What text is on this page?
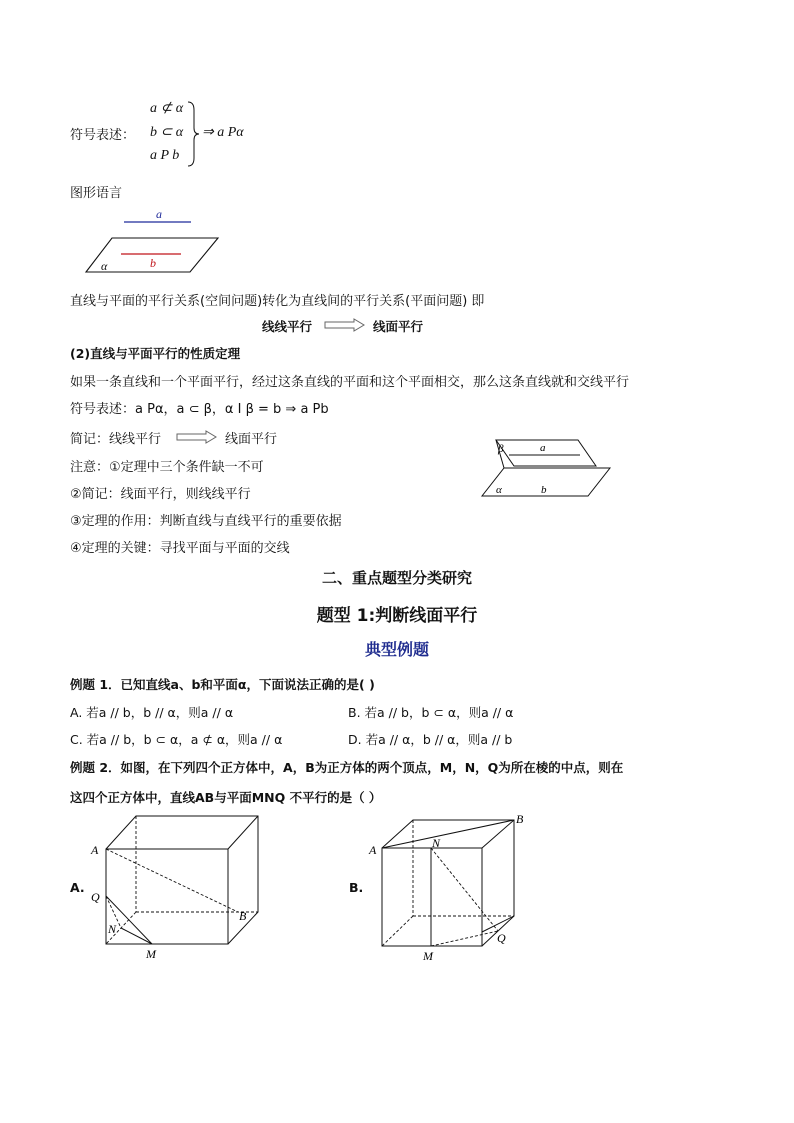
符号表述：
a ⊄ α
b ⊂ α
a P b
⇒ a Pα
图形语言
a
b
α
直线与平面的平行关系(空间问题)转化为直线间的平行关系(平面问题) 即
线线平行	线面平行
(2)直线与平面平行的性质定理
如果一条直线和一个平面平行，经过这条直线的平面和这个平面相交，那么这条直线就和交线平行
符号表述：a Pα，a ⊂ β，α I β = b ⇒ a Pb
简记：线线平行	线面平行
注意：①定理中三个条件缺一不可
②简记：线面平行，则线线平行
③定理的作用：判断直线与直线平行的重要依据
④定理的关键：寻找平面与平面的交线
β	a
α	b
二、重点题型分类研究
题型 1:判断线面平行
典型例题
例题 1．已知直线a、b和平面α，下面说法正确的是( )
A. 若a // b，b // α，则a // α	B. 若a // b，b ⊂ α，则a // α
C. 若a // b，b ⊂ α，a ⊄ α，则a // α	D. 若a // α，b // α，则a // b
例题 2．如图，在下列四个正方体中，A，B为正方体的两个顶点，M，N，Q为所在棱的中点，则在
这四个正方体中，直线AB与平面MNQ 不平行的是（ ）
A.
A
B
Q
N
M
B.
A
B
N
Q
M
